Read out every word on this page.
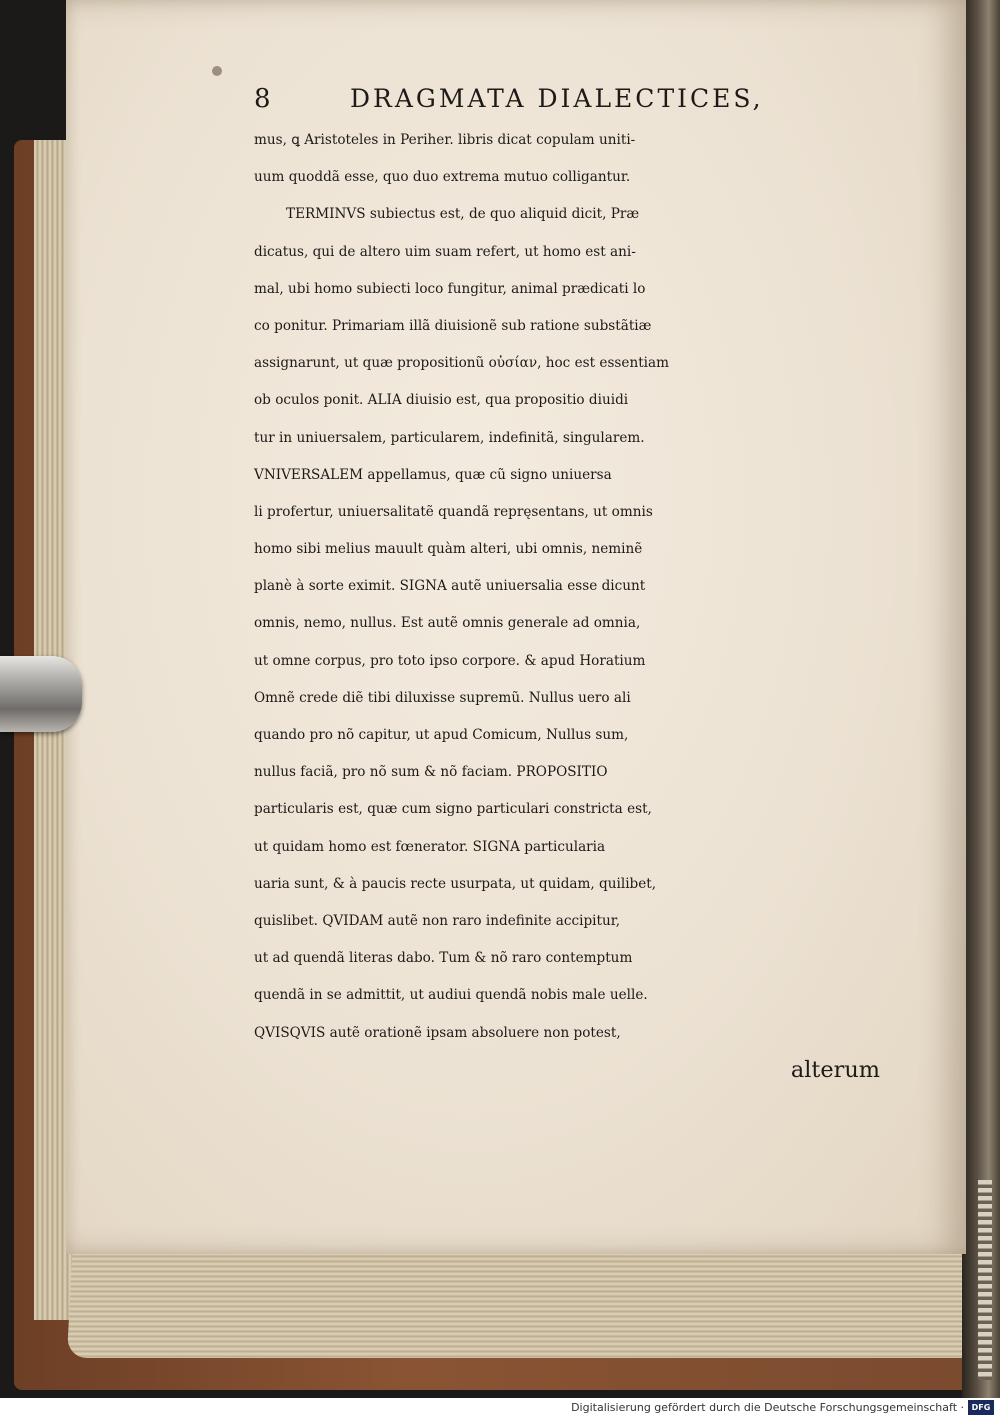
8	DRAGMATA DIALECTICES,
mus, ꝗ Aristoteles in Periher. libris dicat copulam uniti-
uum quoddã esse, quo duo extrema mutuo colligantur.
TERMINVS subiectus est, de quo aliquid dicit, Præ
dicatus, qui de altero uim suam refert, ut homo est ani-
mal, ubi homo subiecti loco fungitur, animal prædicati lo
co ponitur. Primariam illã diuisionẽ sub ratione substãtiæ
assignarunt, ut quæ propositionũ οὐσίαν, hoc est essentiam
ob oculos ponit. ALIA diuisio est, qua propositio diuidi
tur in uniuersalem, particularem, indefinitã, singularem.
VNIVERSALEM appellamus, quæ cũ signo uniuersa
li profertur, uniuersalitatẽ quandã repręsentans, ut omnis
homo sibi melius mauult quàm alteri, ubi omnis, neminẽ
planè à sorte eximit. SIGNA autẽ uniuersalia esse dicunt
omnis, nemo, nullus. Est autẽ omnis generale ad omnia,
ut omne corpus, pro toto ipso corpore. & apud Horatium
Omnẽ crede diẽ tibi diluxisse supremũ. Nullus uero ali
quando pro nõ capitur, ut apud Comicum, Nullus sum,
nullus faciã, pro nõ sum & nõ faciam. PROPOSITIO
particularis est, quæ cum signo particulari constricta est,
ut quidam homo est fœnerator. SIGNA particularia
uaria sunt, & à paucis recte usurpata, ut quidam, quilibet,
quislibet. QVIDAM autẽ non raro indefinite accipitur,
ut ad quendã literas dabo. Tum & nõ raro contemptum
quendã in se admittit, ut audiui quendã nobis male uelle.
QVISQVIS autẽ orationẽ ipsam absoluere non potest,
alterum
Digitalisierung gefördert durch die Deutsche Forschungsgemeinschaft · DFG
